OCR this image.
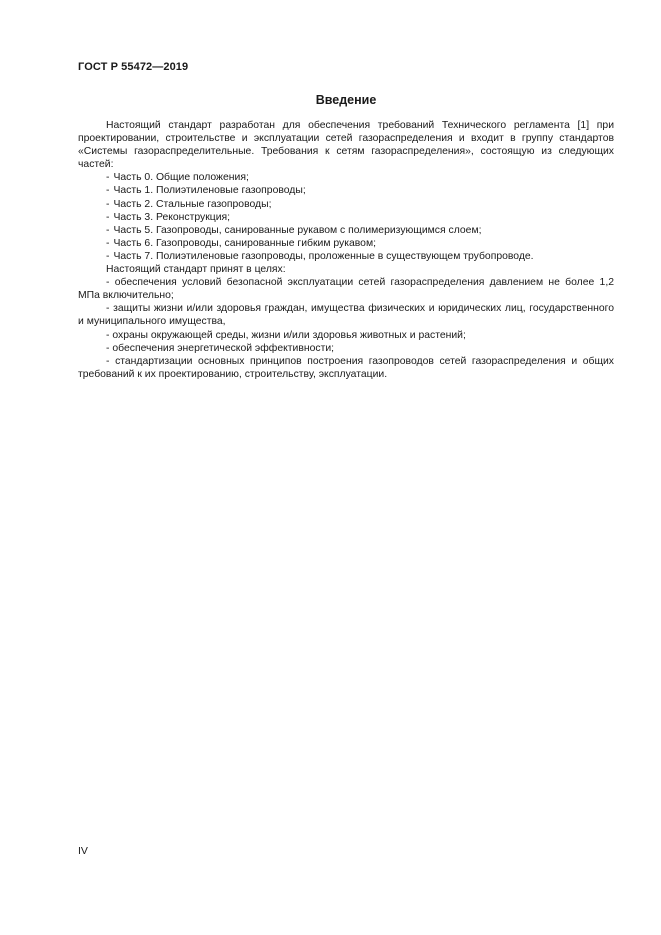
ГОСТ Р 55472—2019
Введение

Настоящий стандарт разработан для обеспечения требований Технического регламента [1] при проектировании, строительстве и эксплуатации сетей газораспределения и входит в группу стандартов «Системы газораспределительные. Требования к сетям газораспределения», состоящую из следующих частей:

- Часть 0. Общие положения;

- Часть 1. Полиэтиленовые газопроводы;

- Часть 2. Стальные газопроводы;

- Часть 3. Реконструкция;

- Часть 5. Газопроводы, санированные рукавом с полимеризующимся слоем;

- Часть 6. Газопроводы, санированные гибким рукавом;

- Часть 7. Полиэтиленовые газопроводы, проложенные в существующем трубопроводе.

Настоящий стандарт принят в целях:

- обеспечения условий безопасной эксплуатации сетей газораспределения давлением не более 1,2 МПа включительно;

- защиты жизни и/или здоровья граждан, имущества физических и юридических лиц, государственного и муниципального имущества,

- охраны окружающей среды, жизни и/или здоровья животных и растений;

- обеспечения энергетической эффективности;

- стандартизации основных принципов построения газопроводов сетей газораспределения и общих требований к их проектированию, строительству, эксплуатации.

IV
